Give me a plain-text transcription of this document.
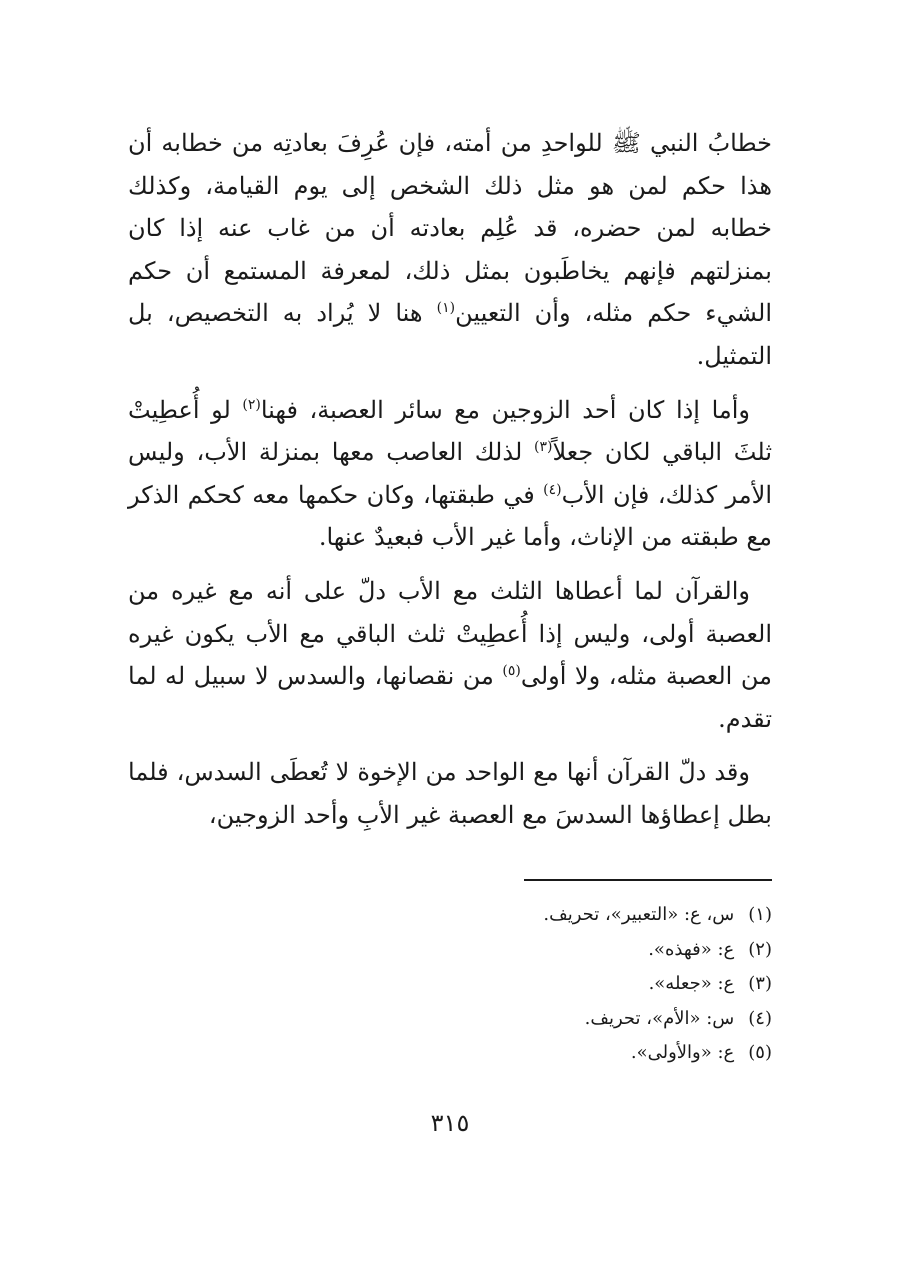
خطابُ النبي ﷺ للواحدِ من أمته، فإن عُرِفَ بعادتِه من خطابه أن هذا حكم لمن هو مثل ذلك الشخص إلى يوم القيامة، وكذلك خطابه لمن حضره، قد عُلِم بعادته أن من غاب عنه إذا كان بمنزلتهم فإنهم يخاطَبون بمثل ذلك، لمعرفة المستمع أن حكم الشيء حكم مثله، وأن التعيين$^{(١)}$ هنا لا يُراد به التخصيص، بل التمثيل.

وأما إذا كان أحد الزوجين مع سائر العصبة، فهنا$^{(٢)}$ لو أُعطِيتْ ثلثَ الباقي لكان جعلاً$^{(٣)}$ لذلك العاصب معها بمنزلة الأب، وليس الأمر كذلك، فإن الأب$^{(٤)}$ في طبقتها، وكان حكمها معه كحكم الذكر مع طبقته من الإناث، وأما غير الأب فبعيدٌ عنها.

والقرآن لما أعطاها الثلث مع الأب دلّ على أنه مع غيره من العصبة أولى، وليس إذا أُعطِيتْ ثلث الباقي مع الأب يكون غيره من العصبة مثله، ولا أولى$^{(٥)}$ من نقصانها، والسدس لا سبيل له لما تقدم.

وقد دلّ القرآن أنها مع الواحد من الإخوة لا تُعطَى السدس، فلما بطل إعطاؤها السدسَ مع العصبة غير الأبِ وأحد الزوجين،

(١)س، ع: «التعبير»، تحريف.
(٢)ع: «فهذه».
(٣)ع: «جعله».
(٤)س: «الأم»، تحريف.
(٥)ع: «والأولى».
٣١٥
